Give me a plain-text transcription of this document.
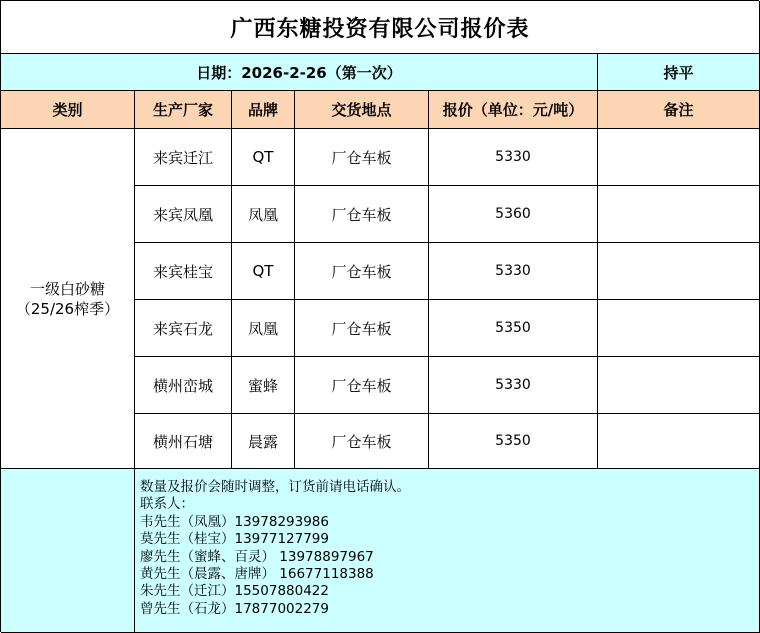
广西东糖投资有限公司报价表
日期：2026-2-26（第一次）	持平
类别	生产厂家	品牌	交货地点	报价（单位：元/吨）	备注
一级白砂糖
（25/26榨季）
来宾迁江	QT	厂仓车板	5330
来宾凤凰	凤凰	厂仓车板	5360
来宾桂宝	QT	厂仓车板	5330
来宾石龙	凤凰	厂仓车板	5350
横州峦城	蜜蜂	厂仓车板	5330
横州石塘	晨露	厂仓车板	5350
数量及报价会随时调整，订货前请电话确认。
联系人：
韦先生（凤凰）13978293986
莫先生（桂宝）13977127799
廖先生（蜜蜂、百灵） 13978897967
黄先生（晨露、唐牌） 16677118388
朱先生（迁江）15507880422
曾先生（石龙）17877002279
